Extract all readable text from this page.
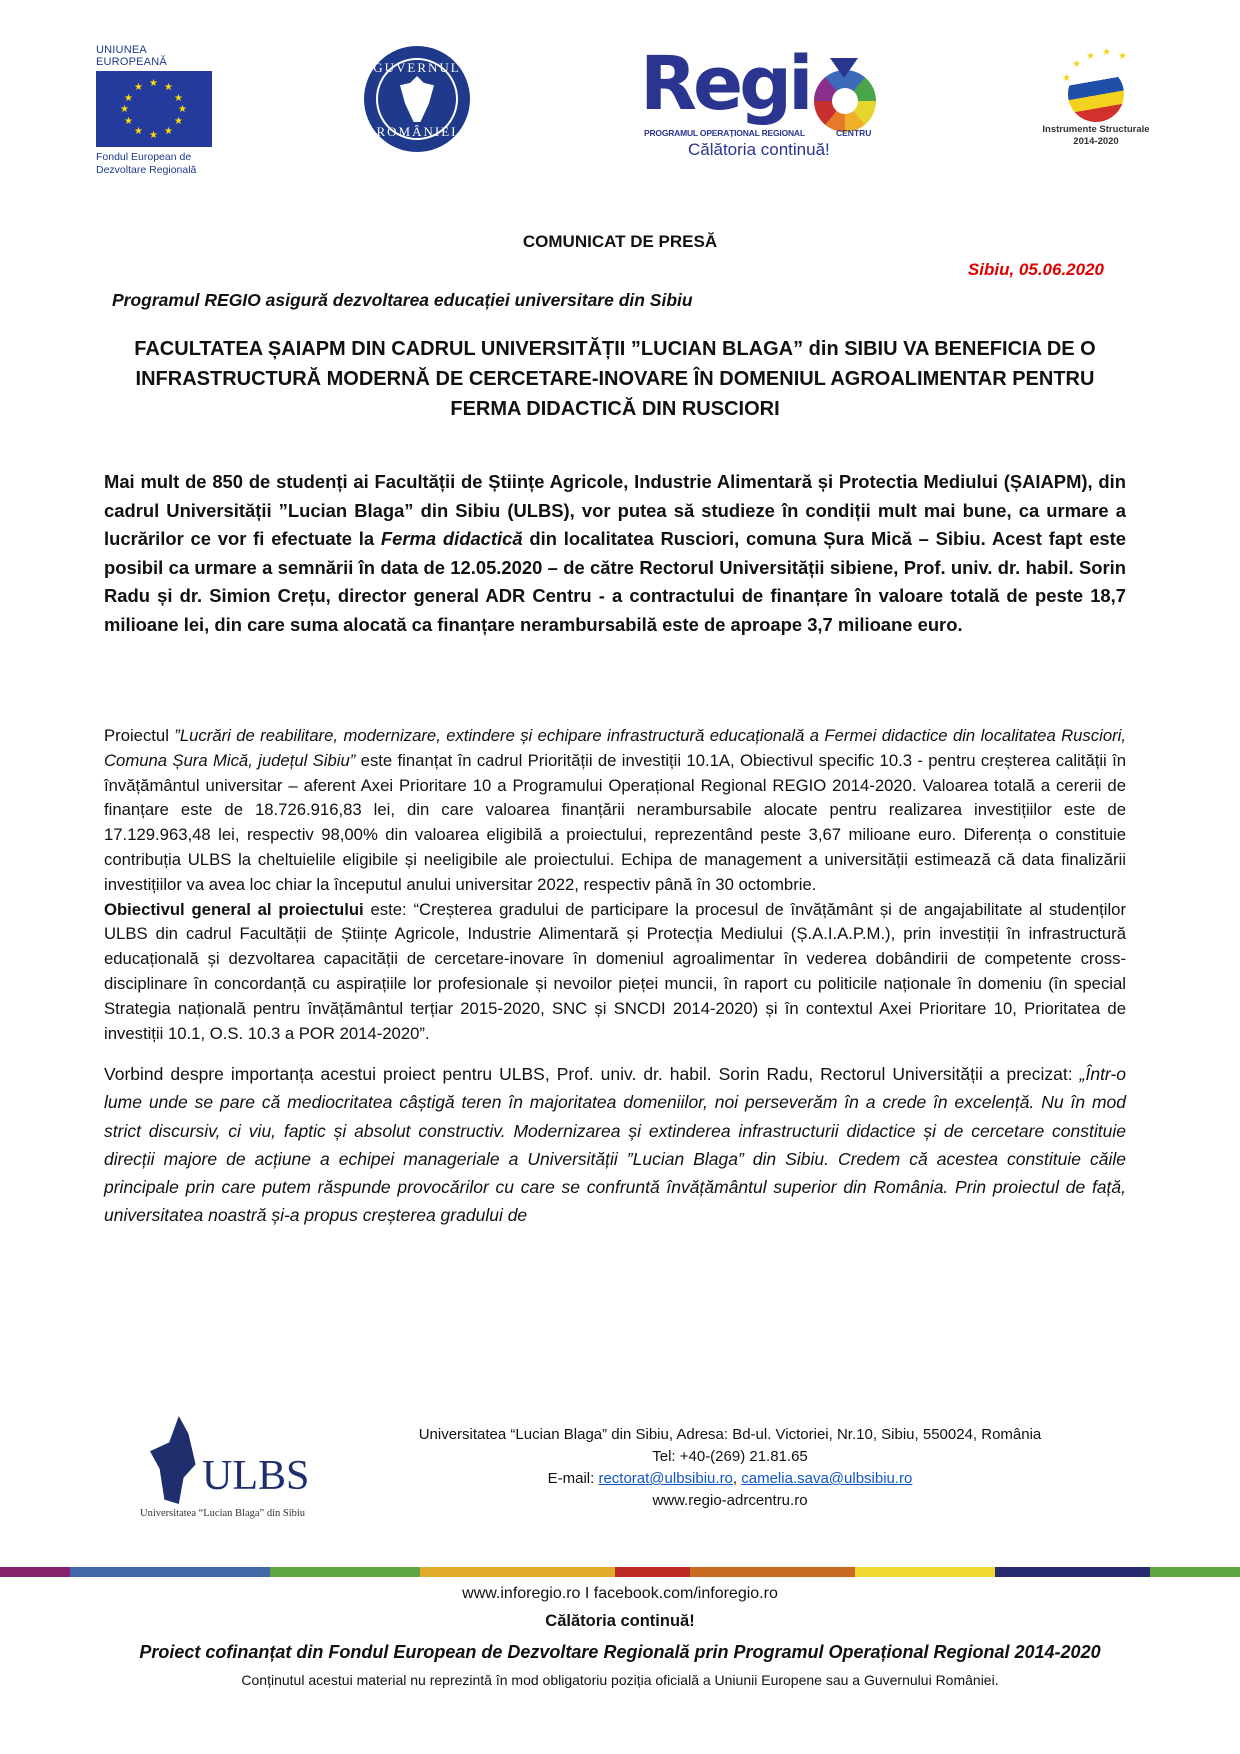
UNIUNEA EUROPEANĂ
★ ★
★
★
★
★
★
★
★
★
★
★
Fondul European de
Dezvoltare Regională
GUVERNUL
ROMÂNIEI
Regi
PROGRAMUL OPERAȚIONAL REGIONAL	CENTRU
Călătoria continuă!
★
★
★ ★ ★
Instrumente Structurale
2014-2020
COMUNICAT DE PRESĂ
Sibiu, 05.06.2020
Programul REGIO asigură dezvoltarea educației universitare din Sibiu
FACULTATEA ȘAIAPM DIN CADRUL UNIVERSITĂȚII ”LUCIAN BLAGA” din SIBIU VA BENEFICIA DE O INFRASTRUCTURĂ MODERNĂ DE CERCETARE-INOVARE ÎN DOMENIUL AGROALIMENTAR PENTRU FERMA DIDACTICĂ DIN RUSCIORI
Mai mult de 850 de studenți ai Facultății de Științe Agricole, Industrie Alimentară și Protectia Mediului (ȘAIAPM), din cadrul Universității ”Lucian Blaga” din Sibiu (ULBS), vor putea să studieze în condiții mult mai bune, ca urmare a lucrărilor ce vor fi efectuate la Ferma didactică din localitatea Rusciori, comuna Șura Mică – Sibiu. Acest fapt este posibil ca urmare a semnării în data de 12.05.2020 – de către Rectorul Universității sibiene, Prof. univ. dr. habil. Sorin Radu și dr. Simion Crețu, director general ADR Centru - a contractului de finanțare în valoare totală de peste 18,7 milioane lei, din care suma alocată ca finanțare nerambursabilă este de aproape 3,7 milioane euro.
Proiectul ”Lucrări de reabilitare, modernizare, extindere și echipare infrastructură educațională a Fermei didactice din localitatea Rusciori, Comuna Șura Mică, județul Sibiu” este finanțat în cadrul Priorității de investiții 10.1A, Obiectivul specific 10.3 - pentru creșterea calității în învățământul universitar – aferent Axei Prioritare 10 a Programului Operațional Regional REGIO 2014-2020. Valoarea totală a cererii de finanțare este de 18.726.916,83 lei, din care valoarea finanțării nerambursabile alocate pentru realizarea investițiilor este de 17.129.963,48 lei, respectiv 98,00% din valoarea eligibilă a proiectului, reprezentând peste 3,67 milioane euro. Diferența o constituie contribuția ULBS la cheltuielile eligibile și neeligibile ale proiectului. Echipa de management a universității estimează că data finalizării investițiilor va avea loc chiar la începutul anului universitar 2022, respectiv până în 30 octombrie.
Obiectivul general al proiectului este: “Creșterea gradului de participare la procesul de învățământ și de angajabilitate al studenților ULBS din cadrul Facultății de Științe Agricole, Industrie Alimentară și Protecția Mediului (Ș.A.I.A.P.M.), prin investiții în infrastructură educațională și dezvoltarea capacității de cercetare-inovare în domeniul agroalimentar în vederea dobândirii de competente cross-disciplinare în concordanță cu aspirațiile lor profesionale și nevoilor pieței muncii, în raport cu politicile naționale în domeniu (în special Strategia națională pentru învățământul terțiar 2015-2020, SNC și SNCDI 2014-2020) și în contextul Axei Prioritare 10, Prioritatea de investiții 10.1, O.S. 10.3 a POR 2014-2020”.
Vorbind despre importanța acestui proiect pentru ULBS, Prof. univ. dr. habil. Sorin Radu, Rectorul Universității a precizat: „Într-o lume unde se pare că mediocritatea câștigă teren în majoritatea domeniilor, noi perseverăm în a crede în excelență. Nu în mod strict discursiv, ci viu, faptic și absolut constructiv. Modernizarea și extinderea infrastructurii didactice și de cercetare constituie direcții majore de acțiune a echipei manageriale a Universității ”Lucian Blaga” din Sibiu. Credem că acestea constituie căile principale prin care putem răspunde provocărilor cu care se confruntă învățământul superior din România. Prin proiectul de față, universitatea noastră și-a propus creșterea gradului de
ULBS
Universitatea “Lucian Blaga” din Sibiu
Universitatea “Lucian Blaga” din Sibiu, Adresa: Bd-ul. Victoriei, Nr.10, Sibiu, 550024, România
Tel: +40-(269) 21.81.65
E-mail: rectorat@ulbsibiu.ro, camelia.sava@ulbsibiu.ro
www.regio-adrcentru.ro
www.inforegio.ro I facebook.com/inforegio.ro
Călătoria continuă!
Proiect cofinanțat din Fondul European de Dezvoltare Regională prin Programul Operațional Regional 2014-2020
Conținutul acestui material nu reprezintă în mod obligatoriu poziția oficială a Uniunii Europene sau a Guvernului României.
